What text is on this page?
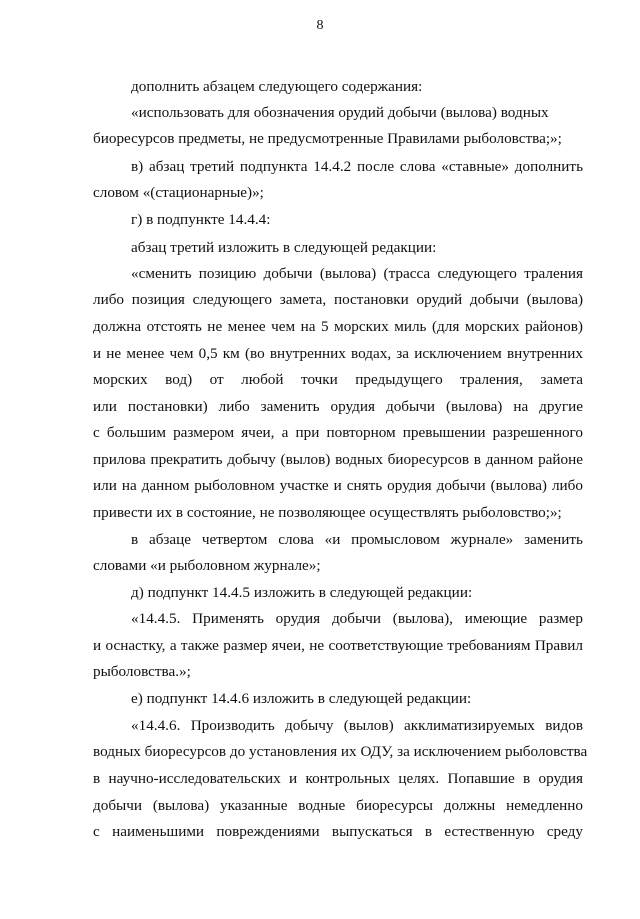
8
дополнить абзацем следующего содержания:
«использовать для обозначения орудий добычи (вылова) водных
биоресурсов предметы, не предусмотренные Правилами рыболовства;»;
в) абзац третий подпункта 14.4.2 после слова «ставные» дополнить
словом «(стационарные)»;
г) в подпункте 14.4.4:
абзац третий изложить в следующей редакции:
«сменить позицию добычи (вылова) (трасса следующего траления
либо позиция следующего замета, постановки орудий добычи (вылова)
должна отстоять не менее чем на 5 морских миль (для морских районов)
и не менее чем 0,5 км (во внутренних водах, за исключением внутренних
морских вод) от любой точки предыдущего траления, замета
или постановки) либо заменить орудия добычи (вылова) на другие
с большим размером ячеи, а при повторном превышении разрешенного
прилова прекратить добычу (вылов) водных биоресурсов в данном районе
или на данном рыболовном участке и снять орудия добычи (вылова) либо
привести их в состояние, не позволяющее осуществлять рыболовство;»;
в абзаце четвертом слова «и промысловом журнале» заменить
словами «и рыболовном журнале»;
д) подпункт 14.4.5 изложить в следующей редакции:
«14.4.5. Применять орудия добычи (вылова), имеющие размер
и оснастку, а также размер ячеи, не соответствующие требованиям Правил
рыболовства.»;
е) подпункт 14.4.6 изложить в следующей редакции:
«14.4.6. Производить добычу (вылов) акклиматизируемых видов
водных биоресурсов до установления их ОДУ, за исключением рыболовства
в научно-исследовательских и контрольных целях. Попавшие в орудия
добычи (вылова) указанные водные биоресурсы должны немедленно
с наименьшими повреждениями выпускаться в естественную среду
